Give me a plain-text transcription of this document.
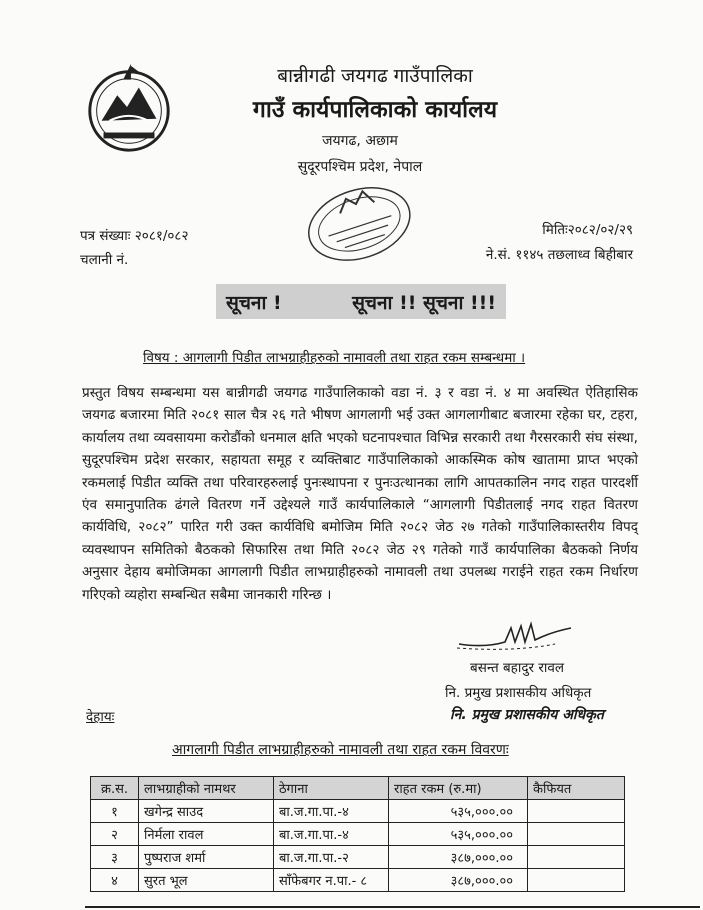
बान्नीगढी जयगढ गाउँपालिका
गाउँ कार्यपालिकाको कार्यालय
जयगढ, अछाम
सुदूरपश्चिम प्रदेश, नेपाल
पत्र संख्याः २०८१/०८२
चलानी नं.
मितिः२०८२/०२/२९
ने.सं. ११४५ तछलाध्व बिहीबार
सूचना !	सूचना !! सूचना !!!
विषय : आगलागी पिडीत लाभग्राहीहरुको नामावली तथा राहत रकम सम्बन्धमा ।
प्रस्तुत विषय सम्बन्धमा यस बान्नीगढी जयगढ गाउँपालिकाको वडा नं. ३ र वडा नं. ४ मा अवस्थित ऐतिहासिक जयगढ बजारमा मिति २०८१ साल चैत्र २६ गते भीषण आगलागी भई उक्त आगलागीबाट बजारमा रहेका घर, टहरा, कार्यालय तथा व्यवसायमा करोडौंको धनमाल क्षति भएको घटनापश्चात विभिन्न सरकारी तथा गैरसरकारी संघ संस्था, सुदूरपश्चिम प्रदेश सरकार, सहायता समूह र व्यक्तिबाट गाउँपालिकाको आकस्मिक कोष खातामा प्राप्त भएको रकमलाई पिडीत व्यक्ति तथा परिवारहरुलाई पुनःस्थापना र पुनःउत्थानका लागि आपतकालिन नगद राहत पारदर्शी एंव समानुपातिक ढंगले वितरण गर्ने उद्देश्यले गाउँ कार्यपालिकाले “आगलागी पिडीतलाई नगद राहत वितरण कार्यविधि, २०८२” पारित गरी उक्त कार्यविधि बमोजिम मिति २०८२ जेठ २७ गतेको गाउँपालिकास्तरीय विपद् व्यवस्थापन समितिको बैठकको सिफारिस तथा मिति २०८२ जेठ २९ गतेको गाउँ कार्यपालिका बैठकको निर्णय अनुसार देहाय बमोजिमका आगलागी पिडीत लाभग्राहीहरुको नामावली तथा उपलब्ध गराईने राहत रकम निर्धारण गरिएको व्यहोरा सम्बन्धित सबैमा जानकारी गरिन्छ ।
बसन्त बहादुर रावल
नि. प्रमुख प्रशासकीय अधिकृत
नि. प्रमुख प्रशासकीय अधिकृत
देहायः
आगलागी पिडीत लाभग्राहीहरुको नामावली तथा राहत रकम विवरणः
क्र.स.	लाभग्राहीको नामथर	ठेगाना	राहत रकम (रु.मा)	कैफियत
१	खगेन्द्र साउद	बा.ज.गा.पा.-४	५३५,०००.००	
२	निर्मला रावल	बा.ज.गा.पा.-४	५३५,०००.००	
३	पुष्पराज शर्मा	बा.ज.गा.पा.-२	३८७,०००.००	
४	सुरत भूल	साँफेबगर न.पा.- ८	३८७,०००.००	
